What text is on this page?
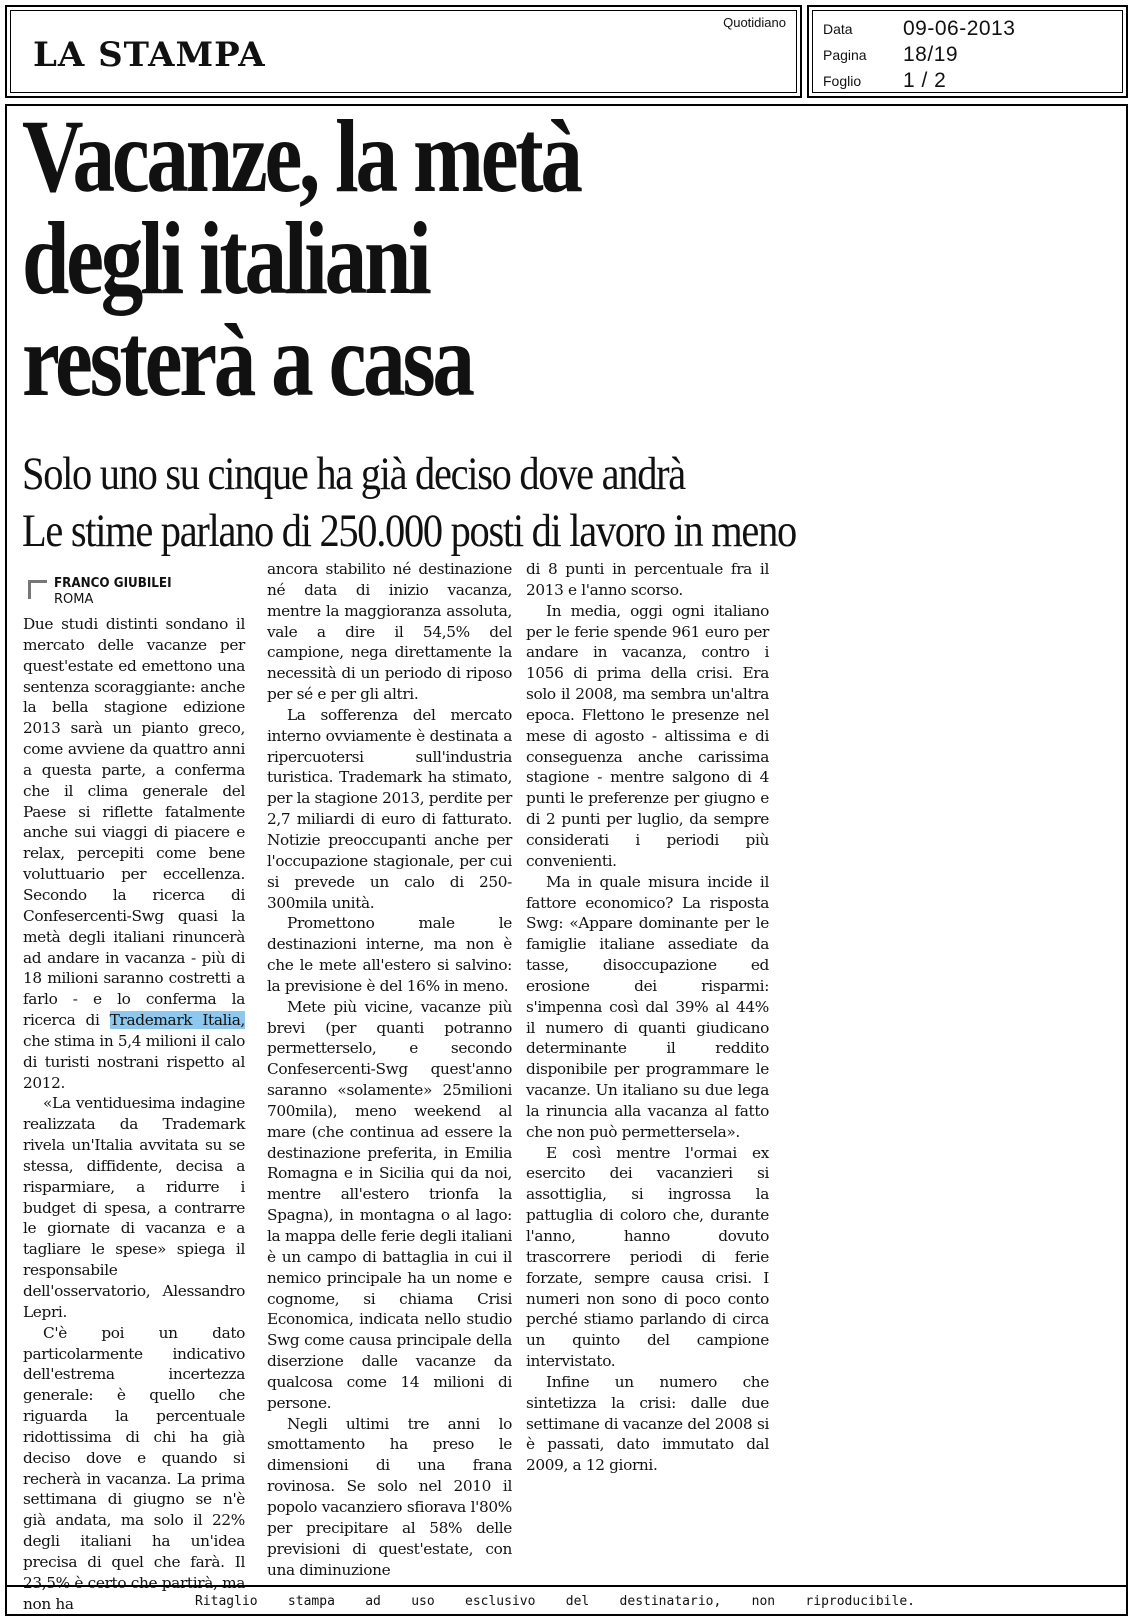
LA STAMPA
Quotidiano	Data 09-06-2013
Pagina 18/19
Foglio 1 / 2
Vacanze, la metà
degli italiani
resterà a casa
Solo uno su cinque ha già deciso dove andrà
Le stime parlano di 250.000 posti di lavoro in meno
FRANCO GIUBILEI
ROMA

Due studi distinti sondano il mercato delle vacanze per quest'estate ed emettono una sentenza scoraggiante: anche la bella stagione edizione 2013 sarà un pianto greco, come avviene da quattro anni a questa parte, a conferma che il clima generale del Paese si riflette fatalmente anche sui viaggi di piacere e relax, percepiti come bene voluttuario per eccellenza. Secondo la ricerca di Confesercenti-Swg quasi la metà degli italiani rinuncerà ad andare in vacanza - più di 18 milioni saranno costretti a farlo - e lo conferma la ricerca di Trademark Italia, che stima in 5,4 milioni il calo di turisti nostrani rispetto al 2012.

«La ventiduesima indagine realizzata da Trademark rivela un'Italia avvitata su se stessa, diffidente, decisa a risparmiare, a ridurre i budget di spesa, a contrarre le giornate di vacanza e a tagliare le spese» spiega il responsabile dell'osservatorio, Alessandro Lepri.

C'è poi un dato particolarmente indicativo dell'estrema incertezza generale: è quello che riguarda la percentuale ridottissima di chi ha già deciso dove e quando si recherà in vacanza. La prima settimana di giugno se n'è già andata, ma solo il 22% degli italiani ha un'idea precisa di quel che farà. Il 23,5% è certo che partirà, ma non ha

ancora stabilito né destinazione né data di inizio vacanza, mentre la maggioranza assoluta, vale a dire il 54,5% del campione, nega direttamente la necessità di un periodo di riposo per sé e per gli altri.

La sofferenza del mercato interno ovviamente è destinata a ripercuotersi sull'industria turistica. Trademark ha stimato, per la stagione 2013, perdite per 2,7 miliardi di euro di fatturato. Notizie preoccupanti anche per l'occupazione stagionale, per cui si prevede un calo di 250-300mila unità.

Promettono male le destinazioni interne, ma non è che le mete all'estero si salvino: la previsione è del 16% in meno.

Mete più vicine, vacanze più brevi (per quanti potranno permetterselo, e secondo Confesercenti-Swg quest'anno saranno «solamente» 25milioni 700mila), meno weekend al mare (che continua ad essere la destinazione preferita, in Emilia Romagna e in Sicilia qui da noi, mentre all'estero trionfa la Spagna), in montagna o al lago: la mappa delle ferie degli italiani è un campo di battaglia in cui il nemico principale ha un nome e cognome, si chiama Crisi Economica, indicata nello studio Swg come causa principale della diserzione dalle vacanze da qualcosa come 14 milioni di persone.

Negli ultimi tre anni lo smottamento ha preso le dimensioni di una frana rovinosa. Se solo nel 2010 il popolo vacanziero sfiorava l'80% per precipitare al 58% delle previsioni di quest'estate, con una diminuzione

di 8 punti in percentuale fra il 2013 e l'anno scorso.

In media, oggi ogni italiano per le ferie spende 961 euro per andare in vacanza, contro i 1056 di prima della crisi. Era solo il 2008, ma sembra un'altra epoca. Flettono le presenze nel mese di agosto - altissima e di conseguenza anche carissima stagione - mentre salgono di 4 punti le preferenze per giugno e di 2 punti per luglio, da sempre considerati i periodi più convenienti.

Ma in quale misura incide il fattore economico? La risposta Swg: «Appare dominante per le famiglie italiane assediate da tasse, disoccupazione ed erosione dei risparmi: s'impenna così dal 39% al 44% il numero di quanti giudicano determinante il reddito disponibile per programmare le vacanze. Un italiano su due lega la rinuncia alla vacanza al fatto che non può permettersela».

E così mentre l'ormai ex esercito dei vacanzieri si assottiglia, si ingrossa la pattuglia di coloro che, durante l'anno, hanno dovuto trascorrere periodi di ferie forzate, sempre causa crisi. I numeri non sono di poco conto perché stiamo parlando di circa un quinto del campione intervistato.

Infine un numero che sintetizza la crisi: dalle due settimane di vacanze del 2008 si è passati, dato immutato dal 2009, a 12 giorni.

Ritaglio stampa ad uso esclusivo del destinatario, non riproducibile.
